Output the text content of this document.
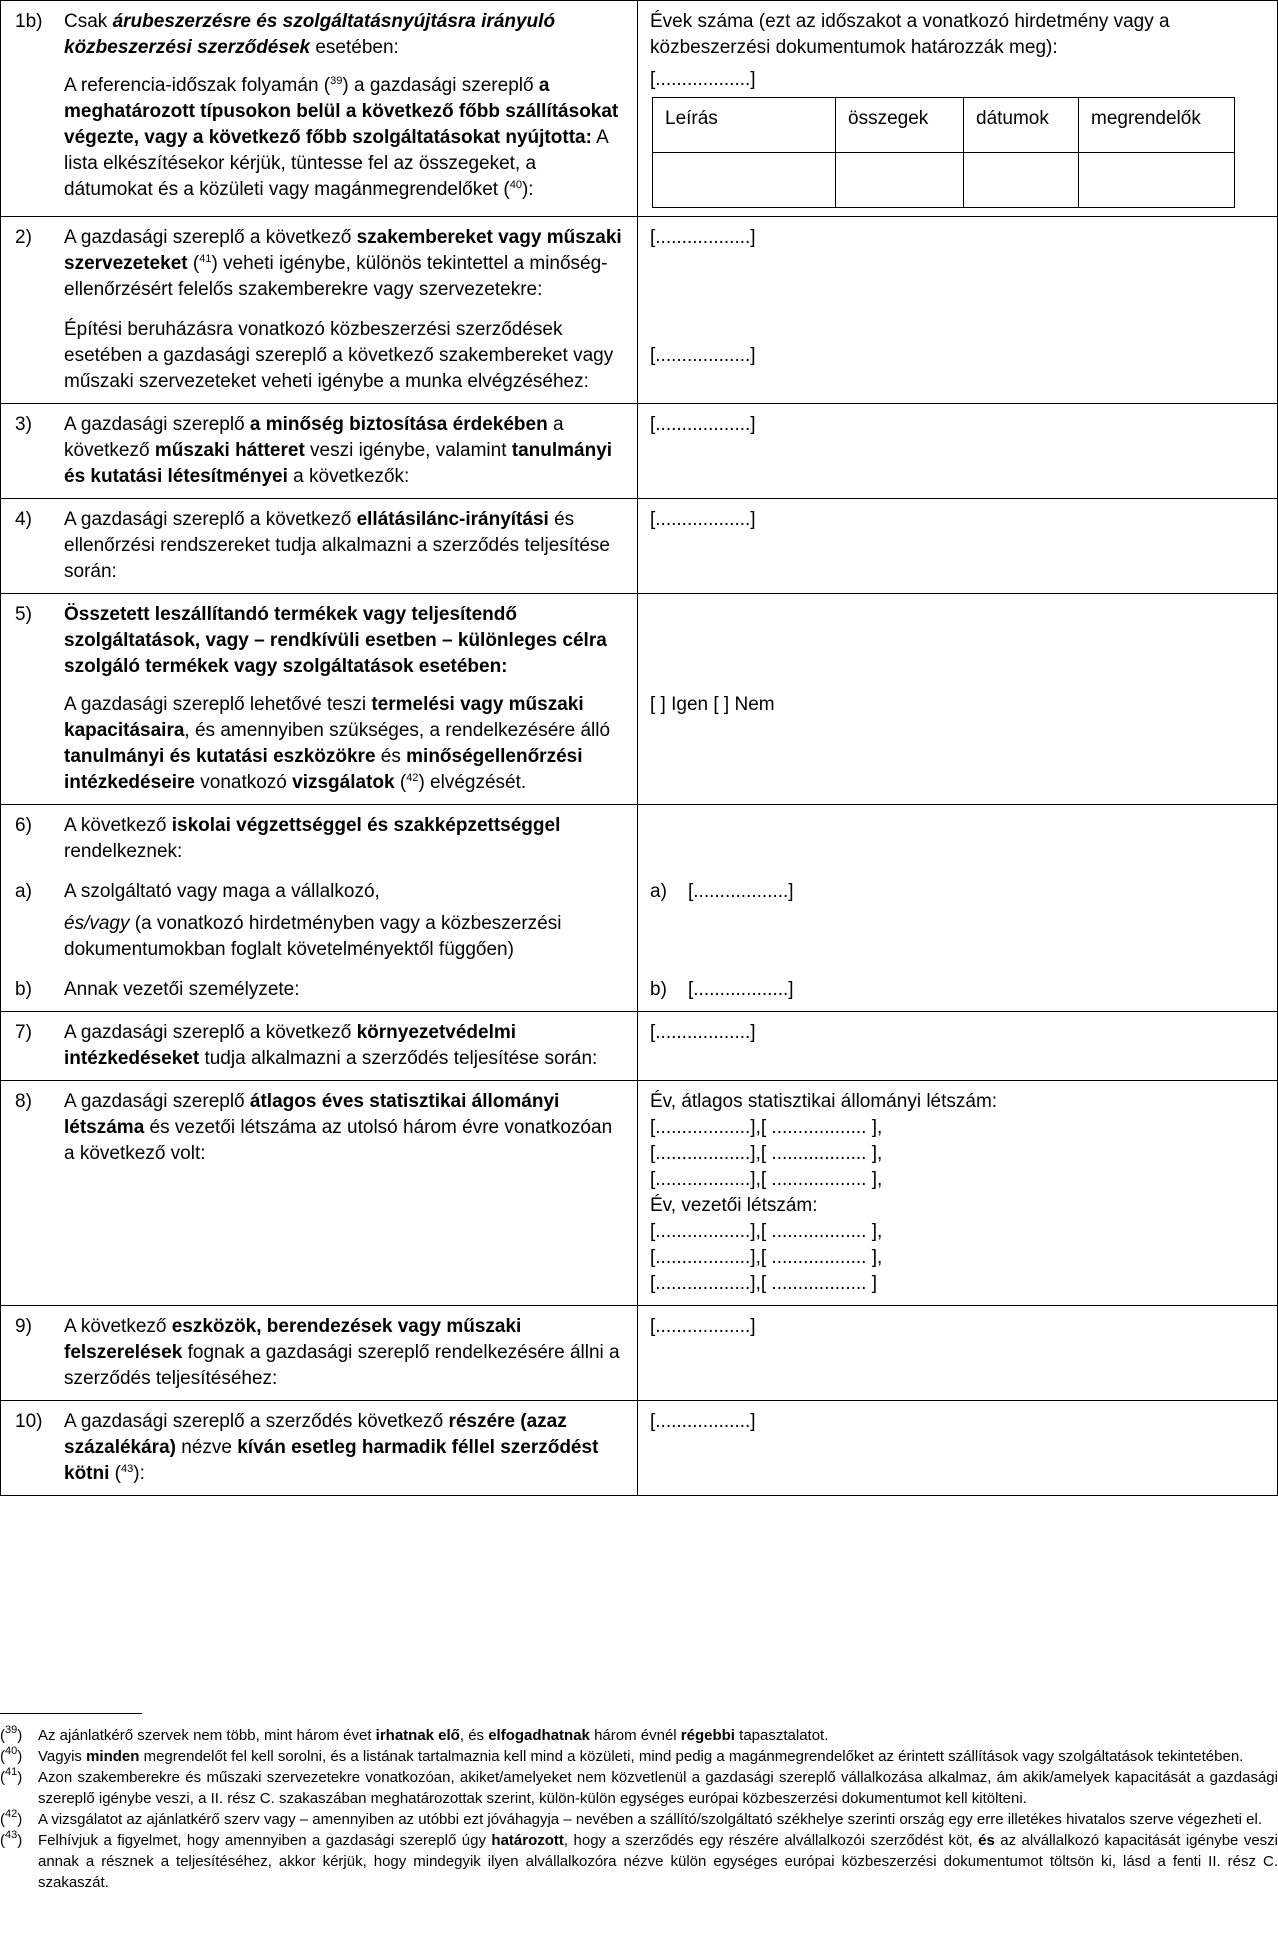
1b)	Csak árubeszerzésre és szolgáltatásnyújtásra irányuló közbeszerzési szerződések esetében:

A referencia-időszak folyamán ($^{39}$) a gazdasági szereplő a meghatározott típusokon belül a következő főbb szállításokat végezte, vagy a következő főbb szolgáltatásokat nyújtotta: A lista elkészítésekor kérjük, tüntesse fel az összegeket, a dátumokat és a közületi vagy magánmegrendelőket ($^{40}$):

Évek száma (ezt az időszakot a vonatkozó hirdetmény vagy a közbeszerzési dokumentumok határozzák meg):

[..................]

Leírás	összegek	dátumok	megrendelők

2)	A gazdasági szereplő a következő szakembereket vagy műszaki szervezeteket ($^{41}$) veheti igénybe, különös tekintettel a minőség-ellenőrzésért felelős szakemberekre vagy szervezetekre:

Építési beruházásra vonatkozó közbeszerzési szerződések esetében a gazdasági szereplő a következő szakembereket vagy műszaki szervezeteket veheti igénybe a munka elvégzéséhez:

[..................]

[..................]

3)	A gazdasági szereplő a minőség biztosítása érdekében a következő műszaki hátteret veszi igénybe, valamint tanulmányi és kutatási létesítményei a következők:

[..................]

4)	A gazdasági szereplő a következő ellátásilánc-irányítási és ellenőrzési rendszereket tudja alkalmazni a szerződés teljesítése során:

[..................]

5)	Összetett leszállítandó termékek vagy teljesítendő szolgáltatások, vagy – rendkívüli esetben – különleges célra szolgáló termékek vagy szolgáltatások esetében:

A gazdasági szereplő lehetővé teszi termelési vagy műszaki kapacitásaira, és amennyiben szükséges, a rendelkezésére álló tanulmányi és kutatási eszközökre és minőségellenőrzési intézkedéseire vonatkozó vizsgálatok ($^{42}$) elvégzését.

[ ] Igen [ ] Nem

6)	A következő iskolai végzettséggel és szakképzettséggel rendelkeznek:

a)	A szolgáltató vagy maga a vállalkozó,

és/vagy (a vonatkozó hirdetményben vagy a közbeszerzési dokumentumokban foglalt követelményektől függően)

b)	Annak vezetői személyzete:

a)	[..................]
b)	[..................]

7)	A gazdasági szereplő a következő környezetvédelmi intézkedéseket tudja alkalmazni a szerződés teljesítése során:

[..................]

8)	A gazdasági szereplő átlagos éves statisztikai állományi létszáma és vezetői létszáma az utolsó három évre vonatkozóan a következő volt:

Év, átlagos statisztikai állományi létszám:

[..................],[ .................. ],

[..................],[ .................. ],

[..................],[ .................. ],

Év, vezetői létszám:

[..................],[ .................. ],

[..................],[ .................. ],

[..................],[ .................. ]

9)	A következő eszközök, berendezések vagy műszaki felszerelések fognak a gazdasági szereplő rendelkezésére állni a szerződés teljesítéséhez:

[..................]

10)	A gazdasági szereplő a szerződés következő részére (azaz százalékára) nézve kíván esetleg harmadik féllel szerződést kötni ($^{43}$):

[..................]

($^{39}$)	Az ajánlatkérő szervek nem több, mint három évet irhatnak elő, és elfogadhatnak három évnél régebbi tapasztalatot.
($^{40}$)	Vagyis minden megrendelőt fel kell sorolni, és a listának tartalmaznia kell mind a közületi, mind pedig a magánmegrendelőket az érintett szállítások vagy szolgáltatások tekintetében.
($^{41}$)	Azon szakemberekre és műszaki szervezetekre vonatkozóan, akiket/amelyeket nem közvetlenül a gazdasági szereplő vállalkozása alkalmaz, ám akik/amelyek kapacitását a gazdasági szereplő igénybe veszi, a II. rész C. szakaszában meghatározottak szerint, külön-külön egységes európai közbeszerzési dokumentumot kell kitölteni.
($^{42}$)	A vizsgálatot az ajánlatkérő szerv vagy – amennyiben az utóbbi ezt jóváhagyja – nevében a szállító/szolgáltató székhelye szerinti ország egy erre illetékes hivatalos szerve végezheti el.
($^{43}$)	Felhívjuk a figyelmet, hogy amennyiben a gazdasági szereplő úgy határozott, hogy a szerződés egy részére alvállalkozói szerződést köt, és az alvállalkozó kapacitását igénybe veszi annak a résznek a teljesítéséhez, akkor kérjük, hogy mindegyik ilyen alvállalkozóra nézve külön egységes európai közbeszerzési dokumentumot töltsön ki, lásd a fenti II. rész C. szakaszát.
